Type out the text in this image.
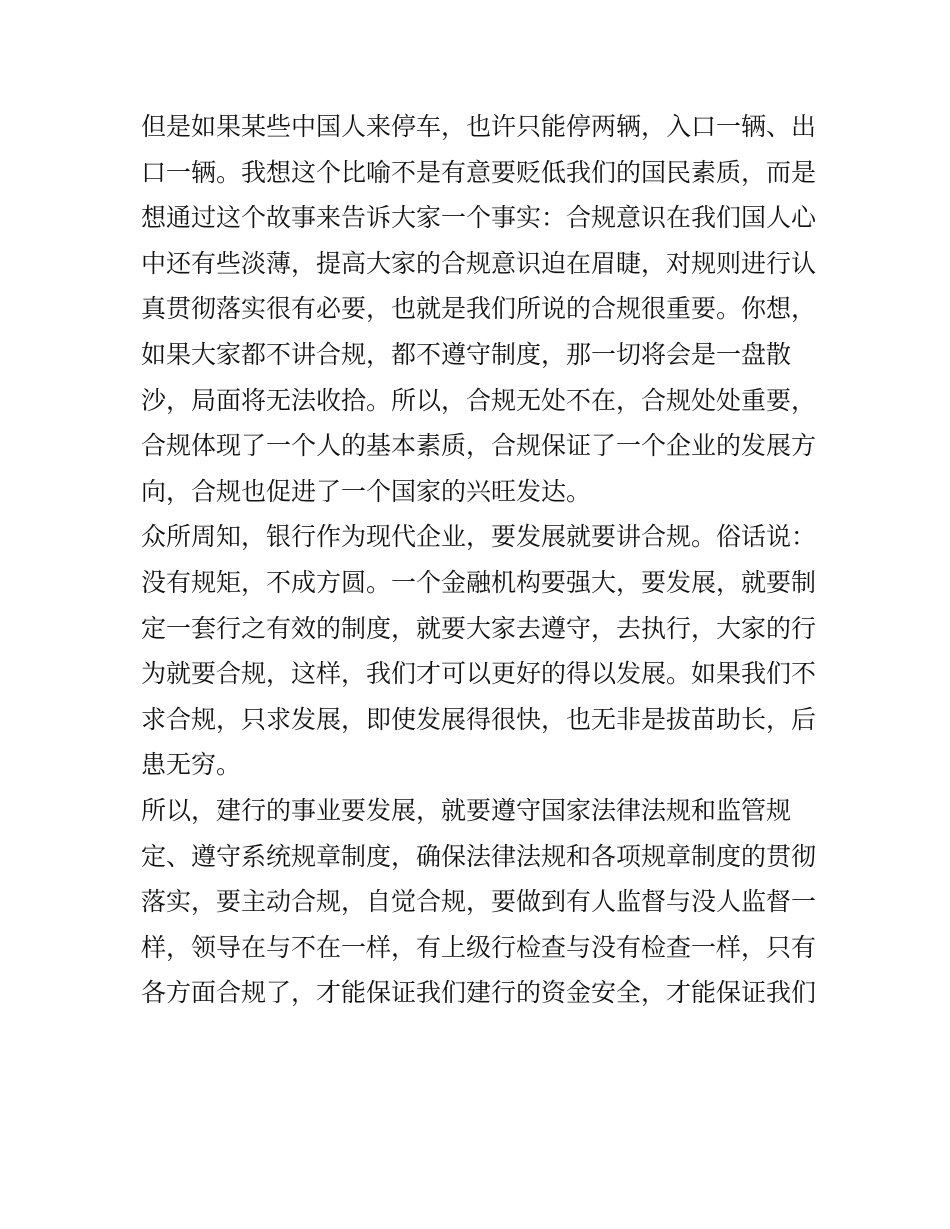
但是如果某些中国人来停车，也许只能停两辆，入口一辆、出
口一辆。我想这个比喻不是有意要贬低我们的国民素质，而是
想通过这个故事来告诉大家一个事实：合规意识在我们国人心
中还有些淡薄，提高大家的合规意识迫在眉睫，对规则进行认
真贯彻落实很有必要，也就是我们所说的合规很重要。你想，
如果大家都不讲合规，都不遵守制度，那一切将会是一盘散
沙，局面将无法收拾。所以，合规无处不在，合规处处重要，
合规体现了一个人的基本素质，合规保证了一个企业的发展方
向，合规也促进了一个国家的兴旺发达。
众所周知，银行作为现代企业，要发展就要讲合规。俗话说：
没有规矩，不成方圆。一个金融机构要强大，要发展，就要制
定一套行之有效的制度，就要大家去遵守，去执行，大家的行
为就要合规，这样，我们才可以更好的得以发展。如果我们不
求合规，只求发展，即使发展得很快，也无非是拔苗助长，后
患无穷。
所以，建行的事业要发展，就要遵守国家法律法规和监管规
定、遵守系统规章制度，确保法律法规和各项规章制度的贯彻
落实，要主动合规，自觉合规，要做到有人监督与没人监督一
样，领导在与不在一样，有上级行检查与没有检查一样，只有
各方面合规了，才能保证我们建行的资金安全，才能保证我们
